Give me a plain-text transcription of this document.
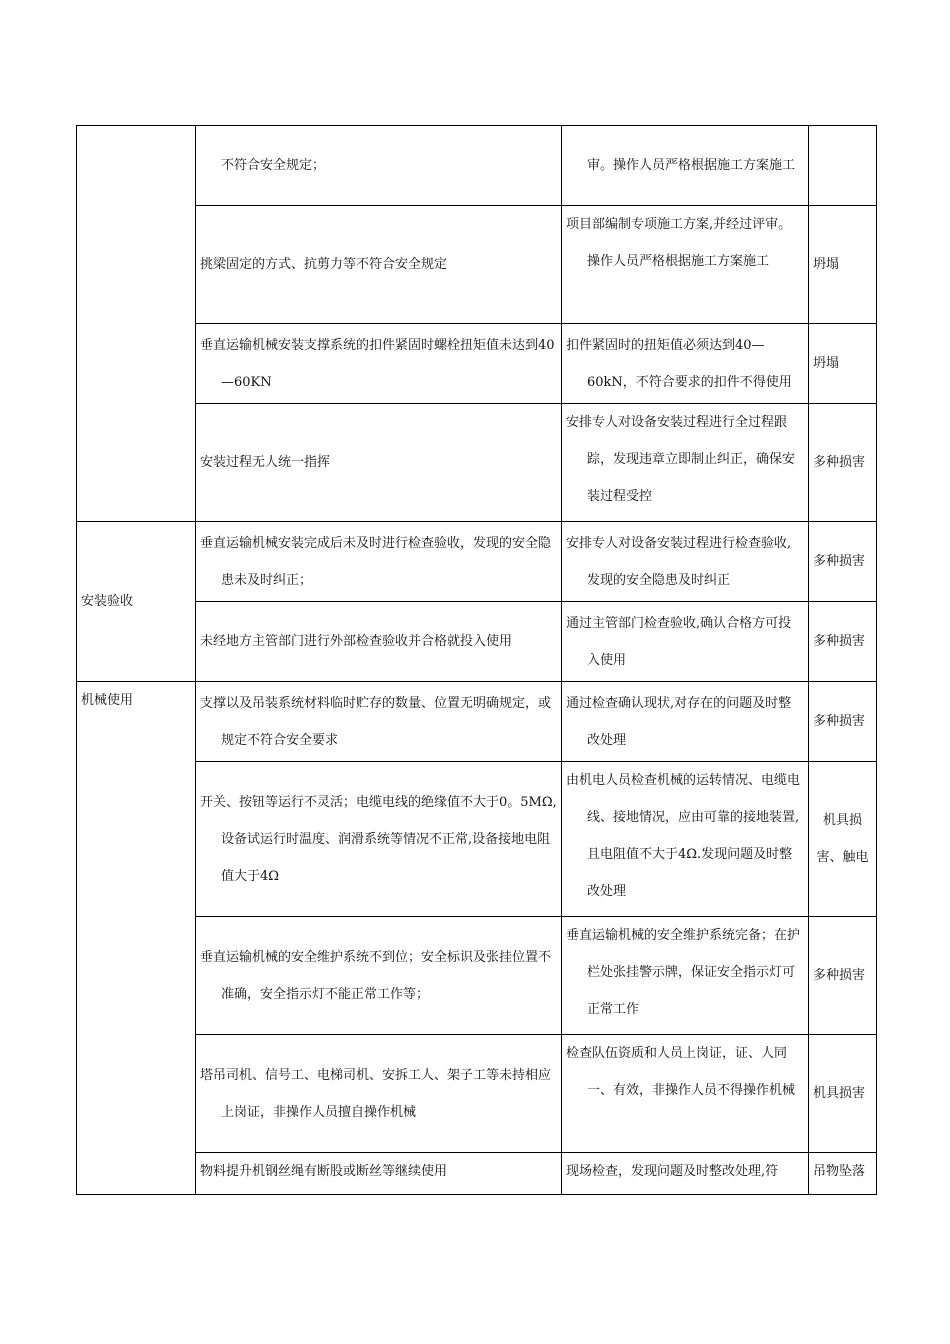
	不符合安全规定；	审。操作人员严格根据施工方案施工	
	挑梁固定的方式、抗剪力等不符合安全规定	项目部编制专项施工方案,并经过评审。操作人员严格根据施工方案施工	坍塌
	垂直运输机械安装支撑系统的扣件紧固时螺栓扭矩值未达到40—60KN	扣件紧固时的扭矩值必须达到40—60kN，不符合要求的扣件不得使用	坍塌
	安装过程无人统一指挥	安排专人对设备安装过程进行全过程跟踪，发现违章立即制止纠正，确保安装过程受控	多种损害
安装验收	垂直运输机械安装完成后未及时进行检查验收，发现的安全隐患未及时纠正；	安排专人对设备安装过程进行检查验收,发现的安全隐患及时纠正	多种损害
	未经地方主管部门进行外部检查验收并合格就投入使用	通过主管部门检查验收,确认合格方可投入使用	多种损害
机械使用	支撑以及吊装系统材料临时贮存的数量、位置无明确规定，或规定不符合安全要求	通过检查确认现状,对存在的问题及时整改处理	多种损害
	开关、按钮等运行不灵活；电缆电线的绝缘值不大于0。5MΩ,设备试运行时温度、润滑系统等情况不正常,设备接地电阻值大于4Ω	由机电人员检查机械的运转情况、电缆电线、接地情况，应由可靠的接地装置,且电阻值不大于4Ω.发现问题及时整改处理	机具损害、触电
	垂直运输机械的安全维护系统不到位；安全标识及张挂位置不准确，安全指示灯不能正常工作等；	垂直运输机械的安全维护系统完备；在护栏处张挂警示牌，保证安全指示灯可正常工作	多种损害
	塔吊司机、信号工、电梯司机、安拆工人、架子工等未持相应上岗证，非操作人员擅自操作机械	检查队伍资质和人员上岗证，证、人同一、有效，非操作人员不得操作机械	机具损害
	物料提升机钢丝绳有断股或断丝等继续使用	现场检查，发现问题及时整改处理,符	吊物坠落
